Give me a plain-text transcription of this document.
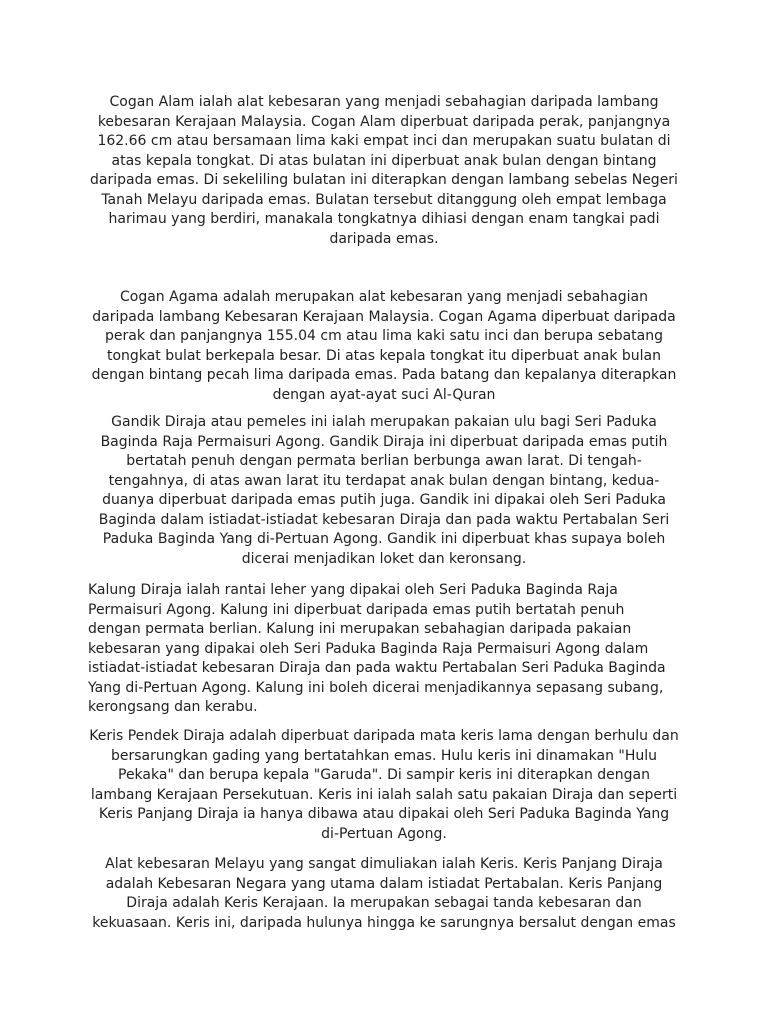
Cogan Alam ialah alat kebesaran yang menjadi sebahagian daripada lambang kebesaran Kerajaan Malaysia. Cogan Alam diperbuat daripada perak, panjangnya 162.66 cm atau bersamaan lima kaki empat inci dan merupakan suatu bulatan di atas kepala tongkat. Di atas bulatan ini diperbuat anak bulan dengan bintang daripada emas. Di sekeliling bulatan ini diterapkan dengan lambang sebelas Negeri Tanah Melayu daripada emas. Bulatan tersebut ditanggung oleh empat lembaga harimau yang berdiri, manakala tongkatnya dihiasi dengan enam tangkai padi daripada emas.

Cogan Agama adalah merupakan alat kebesaran yang menjadi sebahagian daripada lambang Kebesaran Kerajaan Malaysia. Cogan Agama diperbuat daripada perak dan panjangnya 155.04 cm atau lima kaki satu inci dan berupa sebatang tongkat bulat berkepala besar. Di atas kepala tongkat itu diperbuat anak bulan dengan bintang pecah lima daripada emas. Pada batang dan kepalanya diterapkan dengan ayat-ayat suci Al-Quran

Gandik Diraja atau pemeles ini ialah merupakan pakaian ulu bagi Seri Paduka Baginda Raja Permaisuri Agong. Gandik Diraja ini diperbuat daripada emas putih bertatah penuh dengan permata berlian berbunga awan larat. Di tengah-tengahnya, di atas awan larat itu terdapat anak bulan dengan bintang, kedua-duanya diperbuat daripada emas putih juga. Gandik ini dipakai oleh Seri Paduka Baginda dalam istiadat-istiadat kebesaran Diraja dan pada waktu Pertabalan Seri Paduka Baginda Yang di-Pertuan Agong. Gandik ini diperbuat khas supaya boleh dicerai menjadikan loket dan keronsang.

Kalung Diraja ialah rantai leher yang dipakai oleh Seri Paduka Baginda Raja Permaisuri Agong. Kalung ini diperbuat daripada emas putih bertatah penuh dengan permata berlian. Kalung ini merupakan sebahagian daripada pakaian kebesaran yang dipakai oleh Seri Paduka Baginda Raja Permaisuri Agong dalam istiadat-istiadat kebesaran Diraja dan pada waktu Pertabalan Seri Paduka Baginda Yang di-Pertuan Agong. Kalung ini boleh dicerai menjadikannya sepasang subang, kerongsang dan kerabu.

Keris Pendek Diraja adalah diperbuat daripada mata keris lama dengan berhulu dan bersarungkan gading yang bertatahkan emas. Hulu keris ini dinamakan "Hulu Pekaka" dan berupa kepala "Garuda". Di sampir keris ini diterapkan dengan lambang Kerajaan Persekutuan. Keris ini ialah salah satu pakaian Diraja dan seperti Keris Panjang Diraja ia hanya dibawa atau dipakai oleh Seri Paduka Baginda Yang di-Pertuan Agong.

Alat kebesaran Melayu yang sangat dimuliakan ialah Keris. Keris Panjang Diraja adalah Kebesaran Negara yang utama dalam istiadat Pertabalan. Keris Panjang Diraja adalah Keris Kerajaan. Ia merupakan sebagai tanda kebesaran dan kekuasaan. Keris ini, daripada hulunya hingga ke sarungnya bersalut dengan emas
